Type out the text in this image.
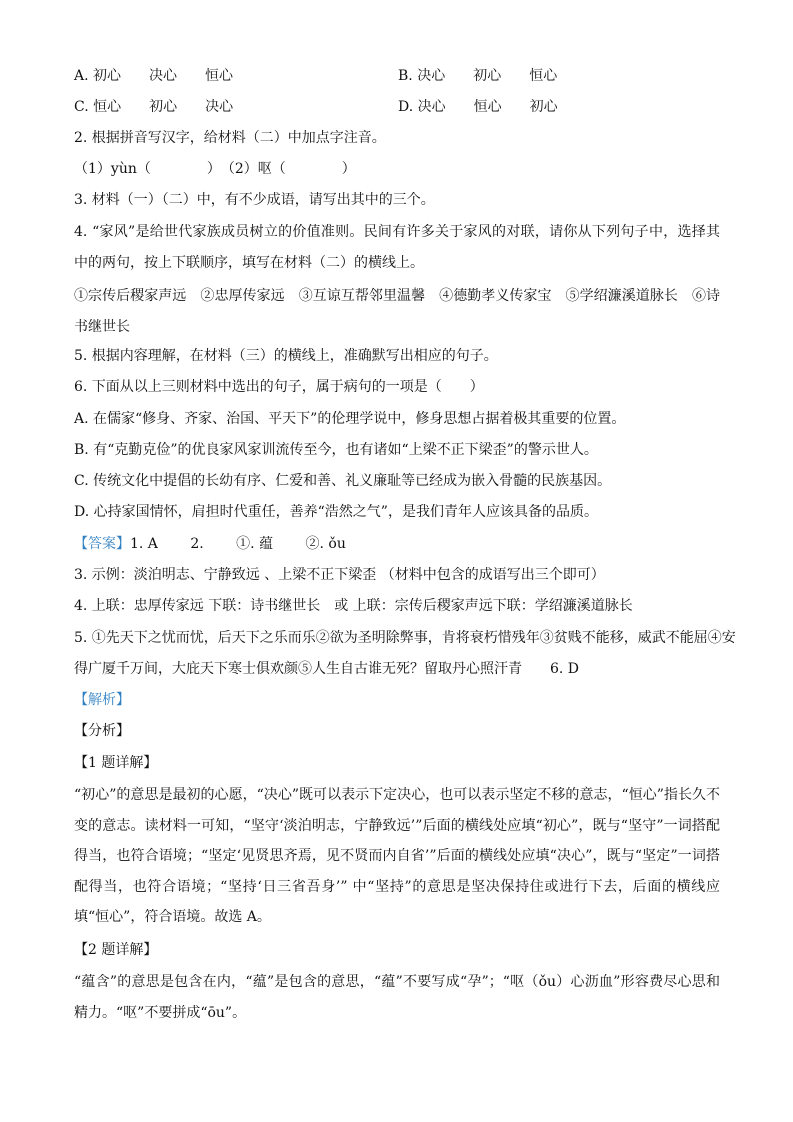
A. 初心　　决心　　恒心	B. 决心　　初心　　恒心
C. 恒心　　初心　　决心	D. 决心　　恒心　　初心
2. 根据拼音写汉字，给材料（二）中加点字注音。
（1）yùn（　　　　）　（2）呕（　　　　）
3. 材料（一）（二）中，有不少成语，请写出其中的三个。
4. “家风”是给世代家族成员树立的价值准则。民间有许多关于家风的对联，请你从下列句子中，选择其中的两句，按上下联顺序，填写在材料（二）的横线上。
①宗传后稷家声远　②忠厚传家远　③互谅互帮邻里温馨　④德勤孝义传家宝　⑤学绍濂溪道脉长　⑥诗书继世长
5. 根据内容理解，在材料（三）的横线上，准确默写出相应的句子。
6. 下面从以上三则材料中选出的句子，属于病句的一项是（　　）
A. 在儒家“修身、齐家、治国、平天下”的伦理学说中，修身思想占据着极其重要的位置。
B. 有“克勤克俭”的优良家风家训流传至今，也有诸如“上梁不正下梁歪”的警示世人。
C. 传统文化中提倡的长幼有序、仁爱和善、礼义廉耻等已经成为嵌入骨髓的民族基因。
D. 心持家国情怀，肩担时代重任，善养“浩然之气”，是我们青年人应该具备的品质。
【答案】1. A　　 2.　　 ①. 蕴　　 ②. ǒu
3. 示例：淡泊明志、宁静致远 、上梁不正下梁歪 （材料中包含的成语写出三个即可）
4. 上联：忠厚传家远 下联：诗书继世长　或 上联：宗传后稷家声远下联：学绍濂溪道脉长
5. ①先天下之忧而忧，后天下之乐而乐②欲为圣明除弊事，肯将衰朽惜残年③贫贱不能移，威武不能屈④安
得广厦千万间，大庇天下寒士俱欢颜⑤人生自古谁无死？留取丹心照汗青　　6. D
【解析】
【分析】
【1 题详解】
“初心”的意思是最初的心愿，“决心”既可以表示下定决心，也可以表示坚定不移的意志，“恒心”指长久不变的意志。读材料一可知，“坚守‘淡泊明志，宁静致远’”后面的横线处应填“初心”，既与“坚守”一词搭配得当，也符合语境；“坚定‘见贤思齐焉，见不贤而内自省’”后面的横线处应填“决心”，既与“坚定”一词搭配得当，也符合语境；“坚持‘日三省吾身’” 中“坚持”的意思是坚决保持住或进行下去，后面的横线应填“恒心”，符合语境。故选 A。
【2 题详解】
“蕴含”的意思是包含在内，“蕴”是包含的意思，“蕴”不要写成“孕”；“呕（ǒu）心沥血”形容费尽心思和精力。“呕”不要拼成“ōu”。
